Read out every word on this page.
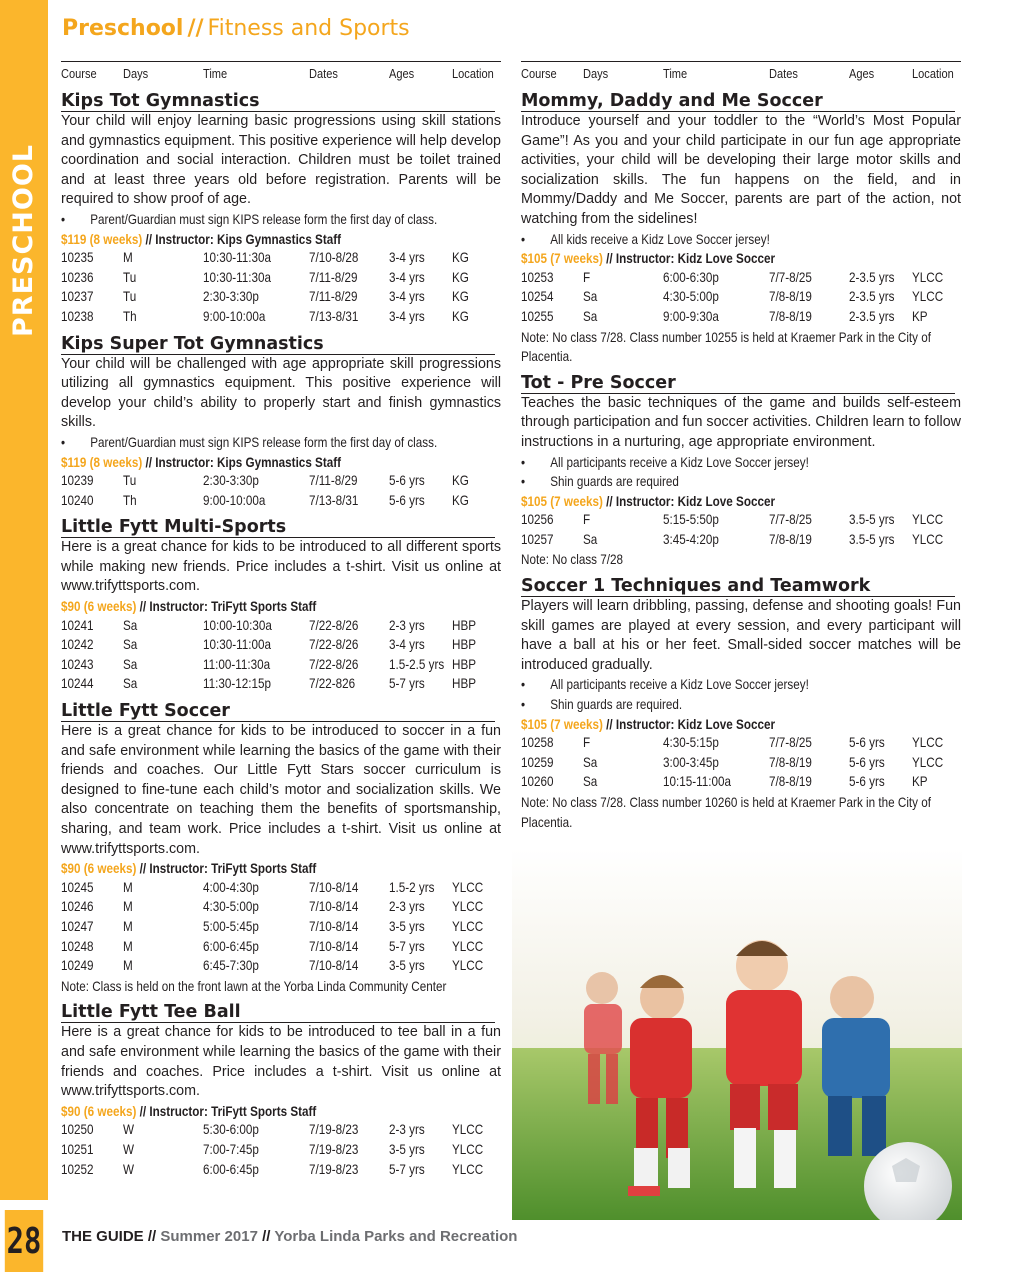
PRESCHOOL
28
Preschool // Fitness and Sports
Course Days	Time	Dates	Ages	Location
Kips Tot Gymnastics
Your child will enjoy learning basic progressions using skill stations and gymnastics equipment. This positive experience will help develop coordination and social interaction. Children must be toilet trained and at least three years old before registration. Parents will be required to show proof of age.
•	Parent/Guardian must sign KIPS release form the first day of class.
$119 (8 weeks) // Instructor: Kips Gymnastics Staff
10235 M	10:30-11:30a	7/10-8/28 3-4 yrs KG
10236 Tu	10:30-11:30a	7/11-8/29 3-4 yrs KG
10237 Tu	2:30-3:30p	7/11-8/29 3-4 yrs KG
10238 Th	9:00-10:00a	7/13-8/31 3-4 yrs KG
Kips Super Tot Gymnastics
Your child will be challenged with age appropriate skill progressions utilizing all gymnastics equipment. This positive experience will develop your child’s ability to properly start and finish gymnastics skills.
•	Parent/Guardian must sign KIPS release form the first day of class.
$119 (8 weeks) // Instructor: Kips Gymnastics Staff
10239 Tu	2:30-3:30p	7/11-8/29 5-6 yrs KG
10240 Th	9:00-10:00a	7/13-8/31 5-6 yrs KG
Little Fytt Multi-Sports
Here is a great chance for kids to be introduced to all different sports while making new friends. Price includes a t-shirt. Visit us online at www.trifyttsports.com.
$90 (6 weeks) // Instructor: TriFytt Sports Staff
10241 Sa	10:00-10:30a	7/22-8/26 2-3 yrs HBP
10242 Sa	10:30-11:00a	7/22-8/26 3-4 yrs HBP
10243 Sa	11:00-11:30a	7/22-8/26 1.5-2.5 yrs HBP
10244 Sa	11:30-12:15p	7/22-826 5-7 yrs HBP
Little Fytt Soccer
Here is a great chance for kids to be introduced to soccer in a fun and safe environment while learning the basics of the game with their friends and coaches. Our Little Fytt Stars soccer curriculum is designed to fine-tune each child’s motor and socialization skills. We also concentrate on teaching them the benefits of sportsmanship, sharing, and team work. Price includes a t-shirt. Visit us online at www.trifyttsports.com.
$90 (6 weeks) // Instructor: TriFytt Sports Staff
10245 M	4:00-4:30p	7/10-8/14 1.5-2 yrs YLCC
10246 M	4:30-5:00p	7/10-8/14 2-3 yrs YLCC
10247 M	5:00-5:45p	7/10-8/14 3-5 yrs YLCC
10248 M	6:00-6:45p	7/10-8/14 5-7 yrs YLCC
10249 M	6:45-7:30p	7/10-8/14 3-5 yrs YLCC
Note: Class is held on the front lawn at the Yorba Linda Community Center
Little Fytt Tee Ball
Here is a great chance for kids to be introduced to tee ball in a fun and safe environment while learning the basics of the game with their friends and coaches. Price includes a t-shirt. Visit us online at www.trifyttsports.com.
$90 (6 weeks) // Instructor: TriFytt Sports Staff
10250 W	5:30-6:00p	7/19-8/23 2-3 yrs YLCC
10251 W	7:00-7:45p	7/19-8/23 3-5 yrs YLCC
10252 W	6:00-6:45p	7/19-8/23 5-7 yrs YLCC
Course Days	Time	Dates	Ages	Location
Mommy, Daddy and Me Soccer
Introduce yourself and your toddler to the “World’s Most Popular Game”! As you and your child participate in our fun age appropriate activities, your child will be developing their large motor skills and socialization skills. The fun happens on the field, and in Mommy/Daddy and Me Soccer, parents are part of the action, not watching from the sidelines!
•	All kids receive a Kidz Love Soccer jersey!
$105 (7 weeks) // Instructor: Kidz Love Soccer
10253 F	6:00-6:30p	7/7-8/25	2-3.5 yrs YLCC
10254 Sa	4:30-5:00p	7/8-8/19	2-3.5 yrs YLCC
10255 Sa	9:00-9:30a	7/8-8/19	2-3.5 yrs KP
Note: No class 7/28. Class number 10255 is held at Kraemer Park in the City of Placentia.
Tot - Pre Soccer
Teaches the basic techniques of the game and builds self-esteem through participation and fun soccer activities. Children learn to follow instructions in a nurturing, age appropriate environment.
•	All participants receive a Kidz Love Soccer jersey!
•	Shin guards are required
$105 (7 weeks) // Instructor: Kidz Love Soccer
10256 F	5:15-5:50p	7/7-8/25	3.5-5 yrs YLCC
10257 Sa	3:45-4:20p	7/8-8/19	3.5-5 yrs YLCC
Note: No class 7/28
Soccer 1 Techniques and Teamwork
Players will learn dribbling, passing, defense and shooting goals! Fun skill games are played at every session, and every participant will have a ball at his or her feet. Small-sided soccer matches will be introduced gradually.
•	All participants receive a Kidz Love Soccer jersey!
•	Shin guards are required.
$105 (7 weeks) // Instructor: Kidz Love Soccer
10258 F	4:30-5:15p	7/7-8/25	5-6 yrs YLCC
10259 Sa	3:00-3:45p	7/8-8/19	5-6 yrs YLCC
10260 Sa	10:15-11:00a	7/8-8/19	5-6 yrs KP
Note: No class 7/28. Class number 10260 is held at Kraemer Park in the City of Placentia.
THE GUIDE // Summer 2017 // Yorba Linda Parks and Recreation
